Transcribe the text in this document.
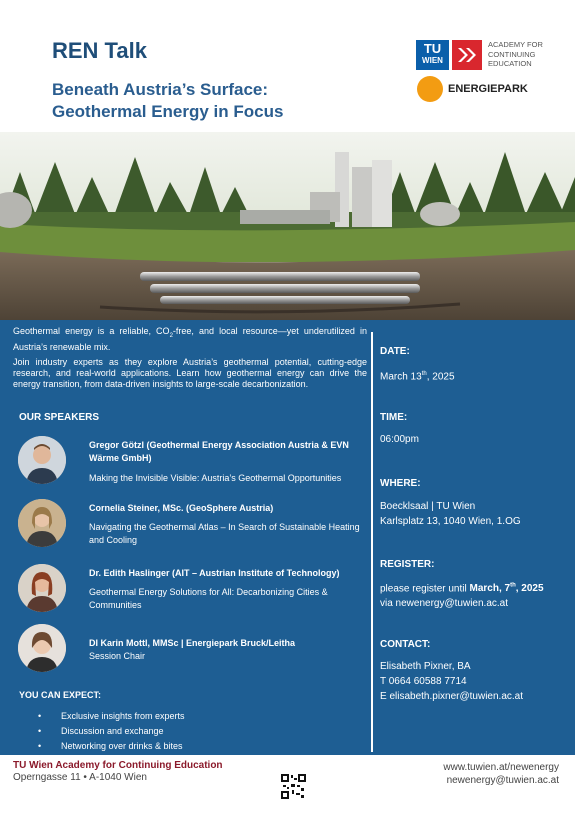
REN Talk
Beneath Austria’s Surface:
Geothermal Energy in Focus
TU
WIEN
ACADEMY FOR
CONTINUING
EDUCATION
ENERGIEPARK

Geothermal energy is a reliable, $CO_2$-free, and local resource—yet underutilized in Austria’s renewable mix.

Join industry experts as they explore Austria’s geothermal potential, cutting-edge research, and real-world applications. Learn how geothermal energy can drive the energy transition, from data-driven insights to large-scale decarbonization.

OUR SPEAKERS
Gregor Götzl (Geothermal Energy Association Austria & EVN Wärme GmbH)
Making the Invisible Visible: Austria’s Geothermal Opportunities
Cornelia Steiner, MSc. (GeoSphere Austria)
Navigating the Geothermal Atlas – In Search of Sustainable Heating and Cooling
Dr. Edith Haslinger (AIT – Austrian Institute of Technology)
Geothermal Energy Solutions for All: Decarbonizing Cities & Communities
DI Karin Mottl, MMSc | Energiepark Bruck/Leitha
Session Chair
YOU CAN EXPECT:
• Exclusive insights from experts
• Discussion and exchange
• Networking over drinks & bites
DATE:
March 13th, 2025
TIME:
06:00pm
WHERE:
Boecklsaal | TU Wien
Karlsplatz 13, 1040 Wien, 1.OG
REGISTER:
please register until March, 7th, 2025
via newenergy@tuwien.ac.at
CONTACT:
Elisabeth Pixner, BA
T 0664 60588 7714
E elisabeth.pixner@tuwien.ac.at
TU Wien Academy for Continuing Education
Operngasse 11 • A-1040 Wien
www.tuwien.at/newenergy
newenergy@tuwien.ac.at
